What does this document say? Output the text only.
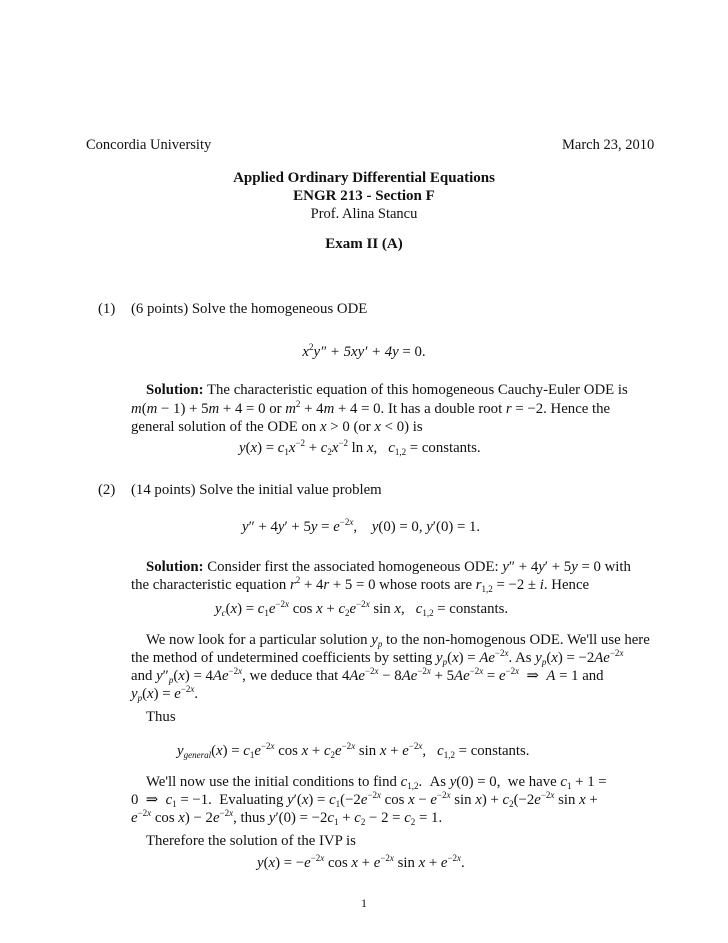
Concordia University	March 23, 2010
Applied Ordinary Differential Equations
ENGR 213 - Section F
Prof. Alina Stancu
Exam II (A)
(1) (6 points) Solve the homogeneous ODE
$x^2y'' + 5xy' + 4y = 0$.
Solution: The characteristic equation of this homogeneous Cauchy-Euler ODE is
m(m − 1) + 5m + 4 = 0 or $m^2 + 4m + 4 = 0$. It has a double root r = −2. Hence the
general solution of the ODE on x > 0 (or x < 0) is
$y(x) = c_1x^{-2} + c_2x^{-2}$ ln x,   $c_{1,2}$ = constants.
(2) (14 points) Solve the initial value problem
$y'' + 4y' + 5y = e^{-2x}$,    y(0) = 0, y′(0) = 1.
Solution: Consider first the associated homogeneous ODE: y″ + 4y′ + 5y = 0 with
the characteristic equation $r^2 + 4r + 5 = 0$ whose roots are $r_{1,2} = -2 \pm i$. Hence
$y_c(x) = c_1e^{-2x}$ $\cos x + c_2e^{-2x}$ sin x,   $c_{1,2}$ = constants.
We now look for a particular solution $y_p$ to the non-homogenous ODE. We'll use here
the method of undetermined coefficients by setting $y_p(x) = Ae^{-2x}$. As $y_p(x) = -2Ae^{-2x}$
and $y''_p(x) = 4Ae^{-2x}$, we deduce that $4Ae^{-2x} - 8Ae^{-2x} + 5Ae^{-2x} = e^{-2x}$  ⇒  A = 1 and
$y_p(x) = e^{-2x}$.
Thus
$y_{general}(x) = c_1e^{-2x}$ $\cos x + c_2e^{-2x}$ $\sin x + e^{-2x}$,   $c_{1,2}$ = constants.
We'll now use the initial conditions to find $c_{1,2}$.  As y(0) = 0,  we have $c_1 + 1$ =
0  ⇒  $c_1 = -1$.  Evaluating $y'(x) = c_1(-2e^{-2x}$ $\cos x - e^{-2x}$ $\sin x) + c_2(-2e^{-2x}$ sin x +
$e^{-2x}$ $\cos x) - 2e^{-2x}$, thus $y'(0) = -2c_1 + c_2 - 2 = c_2 = 1$.
Therefore the solution of the IVP is
$y(x) = -e^{-2x}$ $\cos x + e^{-2x}$ $\sin x + e^{-2x}$.
1
